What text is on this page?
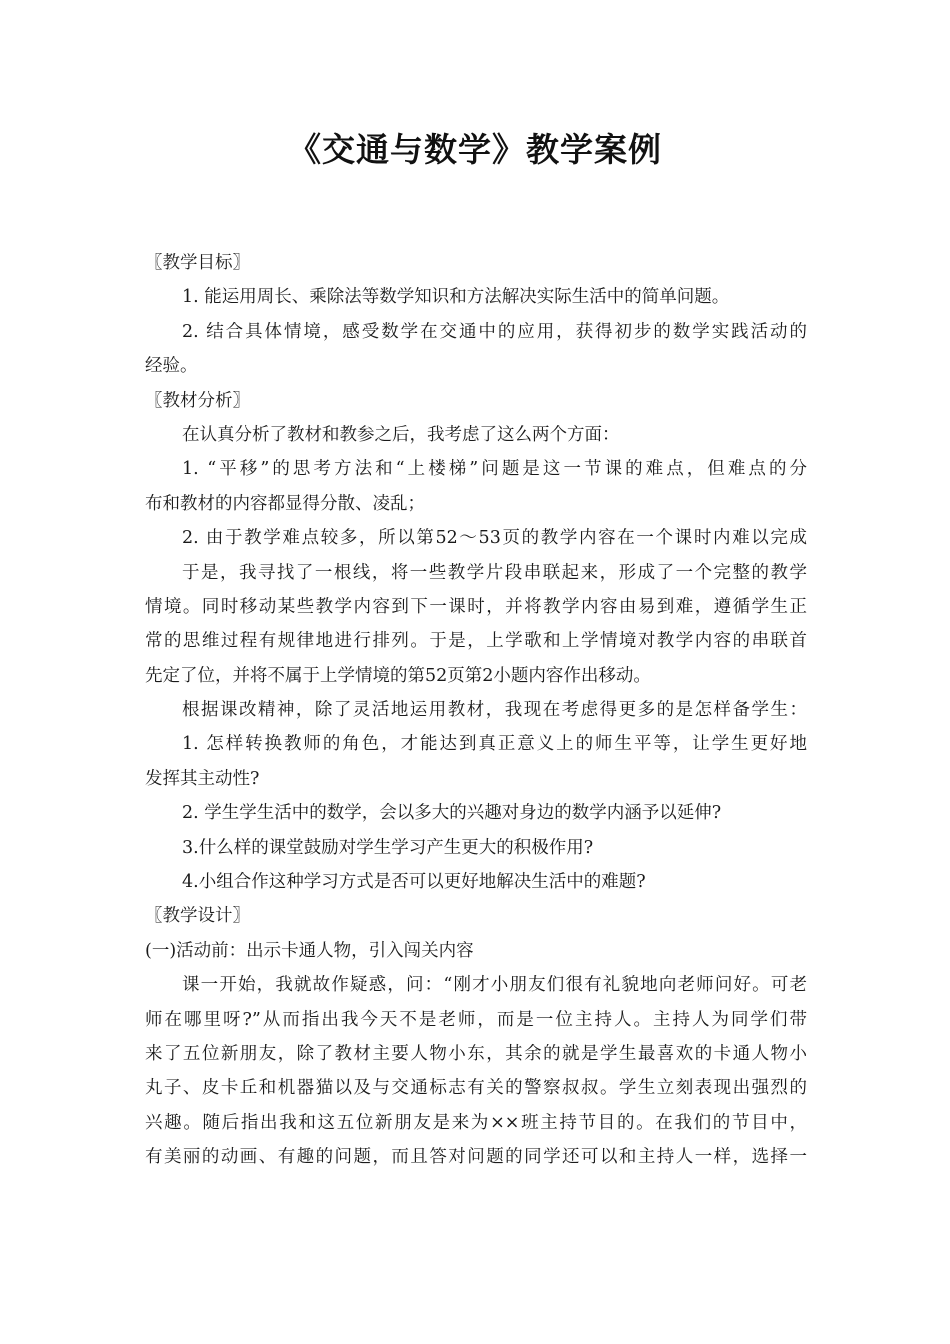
《交通与数学》教学案例
〖教学目标〗
1. 能运用周长、乘除法等数学知识和方法解决实际生活中的简单问题。
2. 结合具体情境，感受数学在交通中的应用，获得初步的数学实践活动的
经验。
〖教材分析〗
在认真分析了教材和教参之后，我考虑了这么两个方面：
1. “平移”的思考方法和“上楼梯”问题是这一节课的难点，但难点的分
布和教材的内容都显得分散、凌乱；
2. 由于教学难点较多，所以第52～53页的教学内容在一个课时内难以完成
于是，我寻找了一根线，将一些教学片段串联起来，形成了一个完整的教学
情境。同时移动某些教学内容到下一课时，并将教学内容由易到难，遵循学生正
常的思维过程有规律地进行排列。于是，上学歌和上学情境对教学内容的串联首
先定了位，并将不属于上学情境的第52页第2小题内容作出移动。
根据课改精神，除了灵活地运用教材，我现在考虑得更多的是怎样备学生：
1. 怎样转换教师的角色，才能达到真正意义上的师生平等，让学生更好地
发挥其主动性?
2. 学生学生活中的数学，会以多大的兴趣对身边的数学内涵予以延伸?
3.什么样的课堂鼓励对学生学习产生更大的积极作用?
4.小组合作这种学习方式是否可以更好地解决生活中的难题?
〖教学设计〗
(一)活动前：出示卡通人物，引入闯关内容
课一开始，我就故作疑惑，问：“刚才小朋友们很有礼貌地向老师问好。可老
师在哪里呀?”从而指出我今天不是老师，而是一位主持人。主持人为同学们带
来了五位新朋友，除了教材主要人物小东，其余的就是学生最喜欢的卡通人物小
丸子、皮卡丘和机器猫以及与交通标志有关的警察叔叔。学生立刻表现出强烈的
兴趣。随后指出我和这五位新朋友是来为××班主持节目的。在我们的节目中，
有美丽的动画、有趣的问题，而且答对问题的同学还可以和主持人一样，选择一
